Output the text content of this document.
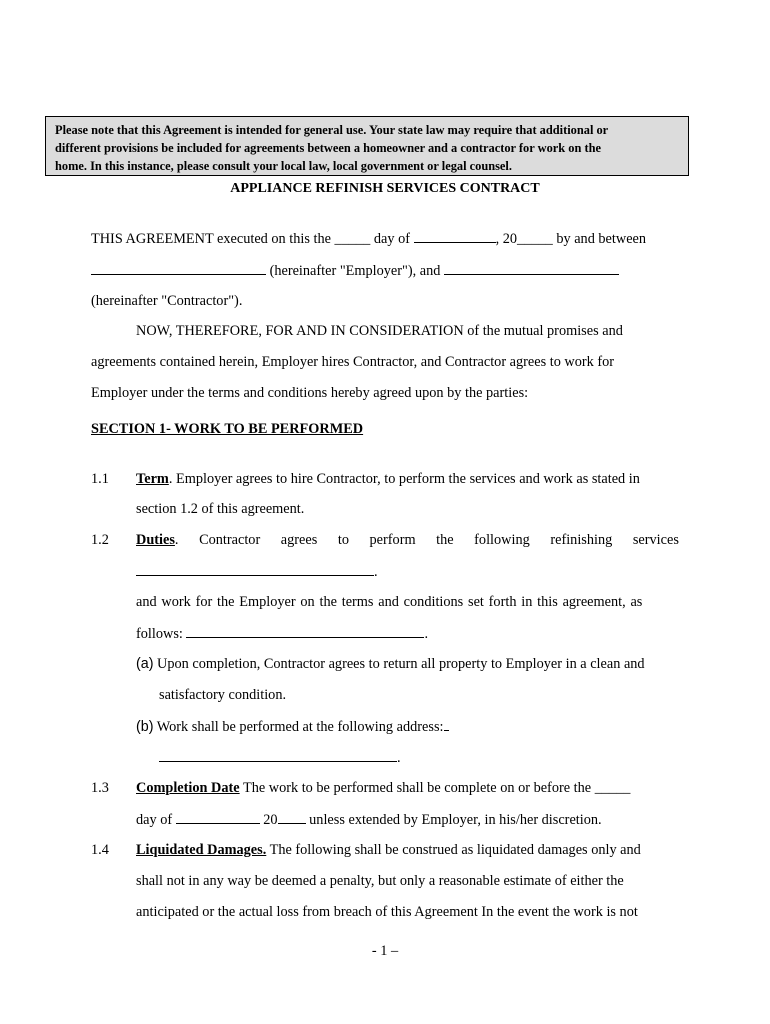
Please note that this Agreement is intended for general use. Your state law may require that additional or
different provisions be included for agreements between a homeowner and a contractor for work on the
home. In this instance, please consult your local law, local government or legal counsel.
APPLIANCE REFINISH SERVICES CONTRACT
THIS AGREEMENT executed on this the _____ day of	, 20_____ by and between
(hereinafter "Employer"), and
(hereinafter "Contractor").
NOW, THEREFORE, FOR AND IN CONSIDERATION of the mutual promises and
agreements contained herein, Employer hires Contractor, and Contractor agrees to work for
Employer under the terms and conditions hereby agreed upon by the parties:
SECTION 1- WORK TO BE PERFORMED
1.1 Term. Employer agrees to hire Contractor, to perform the services and work as stated in
section 1.2 of this agreement.
1.2 Duties. Contractor agrees to perform the following refinishing services
.
and work for the Employer on the terms and conditions set forth in this agreement, as
follows:	.
(a) Upon completion, Contractor agrees to return all property to Employer in a clean and
satisfactory condition.
(b) Work shall be performed at the following address:
.
1.3 Completion Date The work to be performed shall be complete on or before the _____
day of	20 unless extended by Employer, in his/her discretion.
1.4 Liquidated Damages. The following shall be construed as liquidated damages only and
shall not in any way be deemed a penalty, but only a reasonable estimate of either the
anticipated or the actual loss from breach of this Agreement In the event the work is not
- 1 –
